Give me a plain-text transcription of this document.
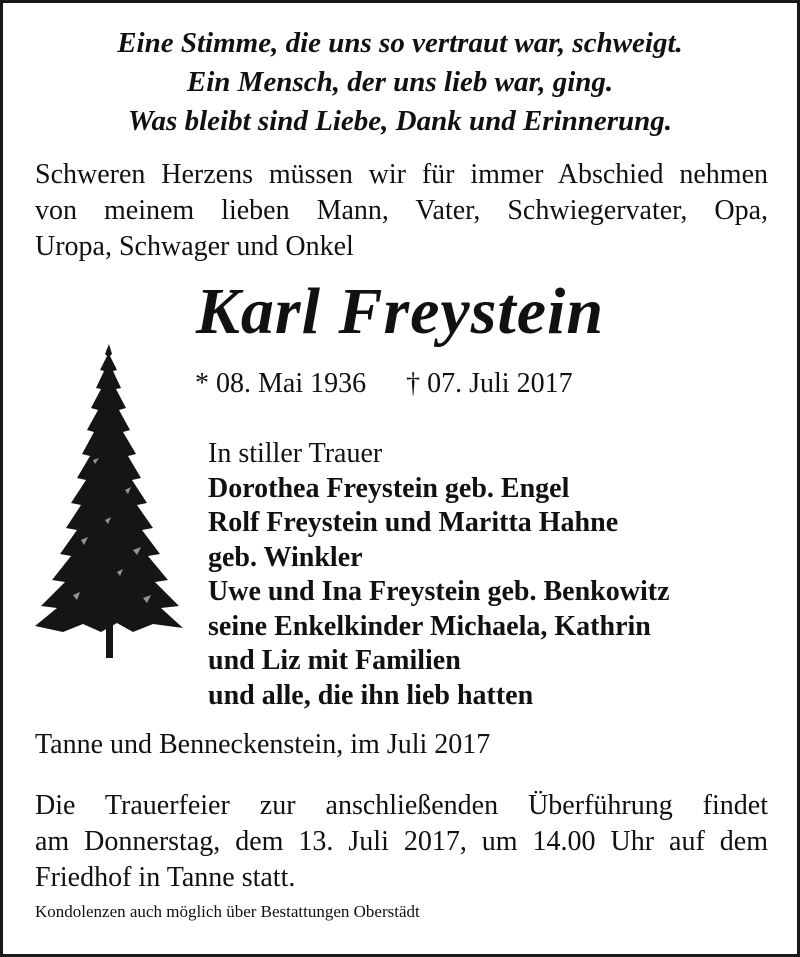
Eine Stimme, die uns so vertraut war, schweigt.
Ein Mensch, der uns lieb war, ging.
Was bleibt sind Liebe, Dank und Erinnerung.
Schweren Herzens müssen wir für immer Abschied nehmen
von meinem lieben Mann, Vater, Schwiegervater, Opa,
Uropa, Schwager und Onkel
Karl Freystein
* 08. Mai 1936 † 07. Juli 2017
In stiller Trauer
Dorothea Freystein geb. Engel
Rolf Freystein und Maritta Hahne
geb. Winkler
Uwe und Ina Freystein geb. Benkowitz
seine Enkelkinder Michaela, Kathrin
und Liz mit Familien
und alle, die ihn lieb hatten
Tanne und Benneckenstein, im Juli 2017
Die Trauerfeier zur anschließenden Überführung findet
am Donnerstag, dem 13. Juli 2017, um 14.00 Uhr auf dem
Friedhof in Tanne statt.
Kondolenzen auch möglich über Bestattungen Oberstädt
